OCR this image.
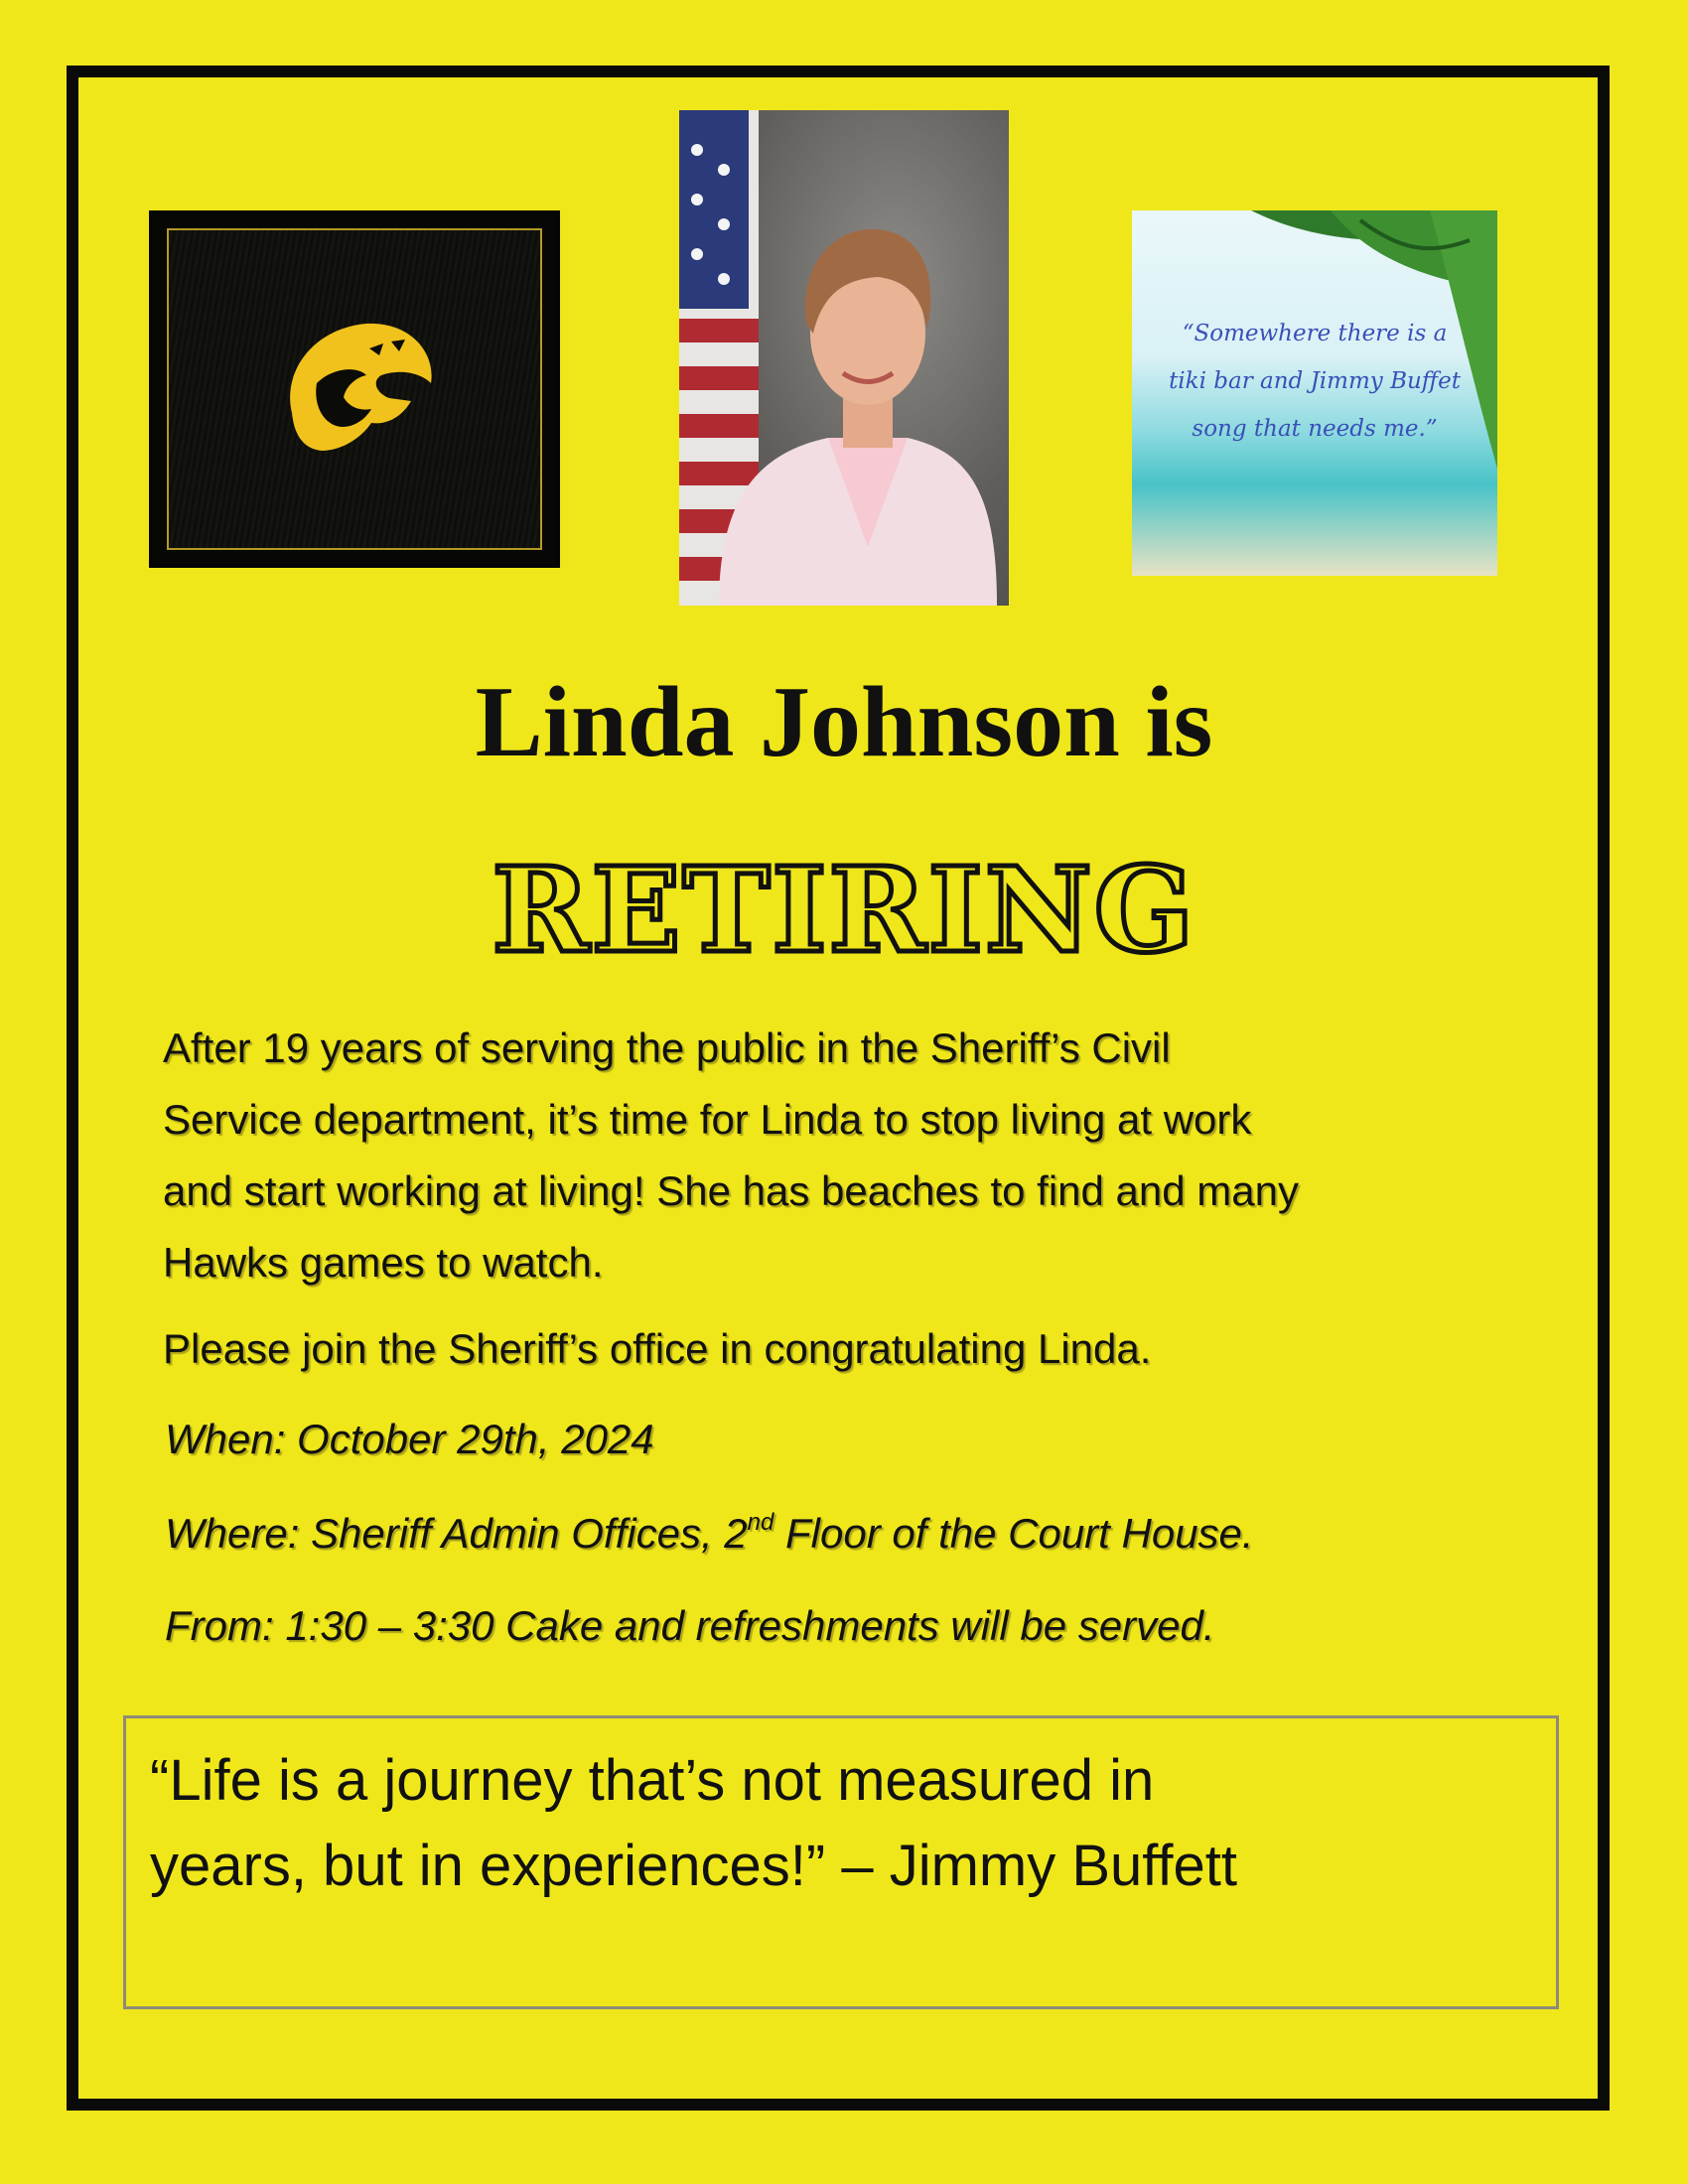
“Somewhere there is a
tiki bar and Jimmy Buffet
song that needs me.”
Linda Johnson is
RETIRING
After 19 years of serving the public in the Sheriff’s Civil
Service department, it’s time for Linda to stop living at work
and start working at living! She has beaches to find and many
Hawks games to watch.

Please join the Sheriff’s office in congratulating Linda.

When: October 29th, 2024

Where: Sheriff Admin Offices, 2nd Floor of the Court House.

From: 1:30 – 3:30 Cake and refreshments will be served.

“Life is a journey that’s not measured in
years, but in experiences!” – Jimmy Buffett
